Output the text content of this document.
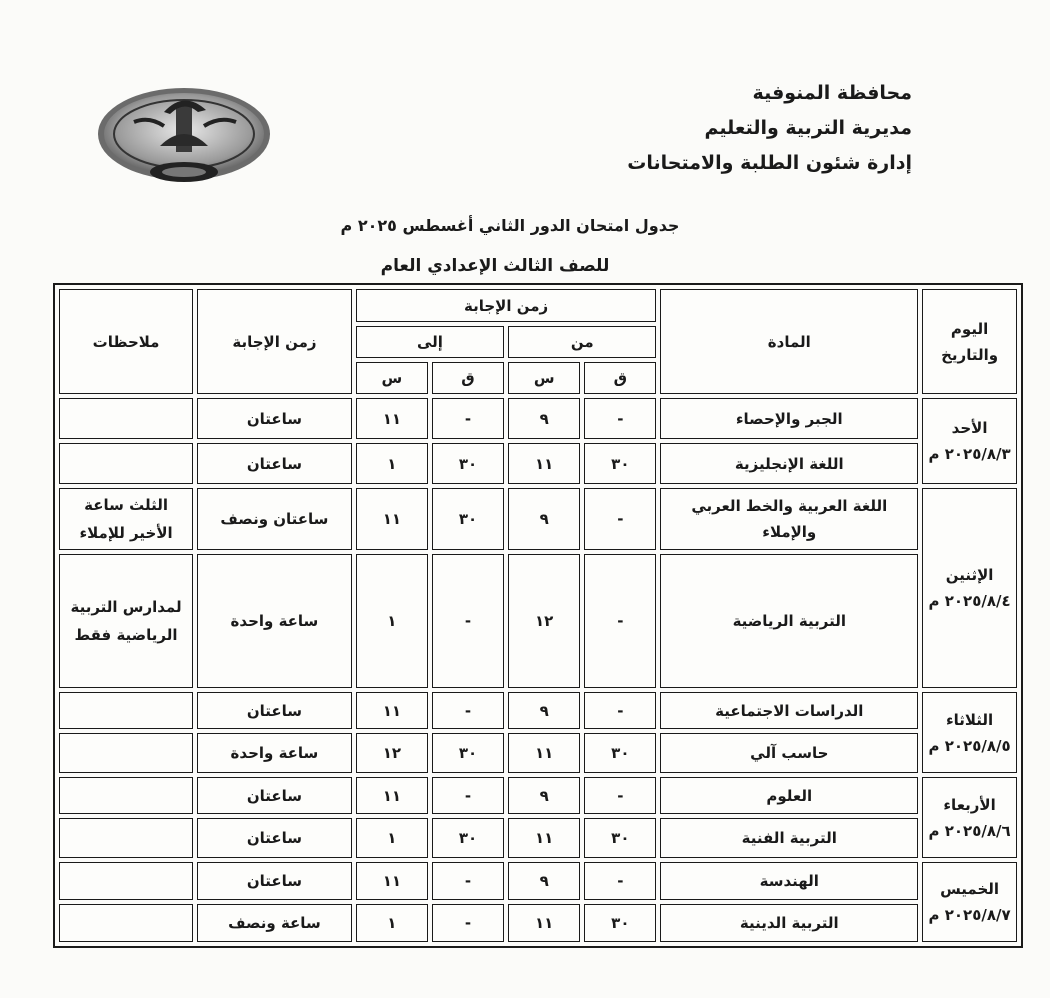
محافظة المنوفية
مديرية التربية والتعليم
إدارة شئون الطلبة والامتحانات
جدول امتحان الدور الثاني أغسطس ٢٠٢٥ م
للصف الثالث الإعدادي العام
اليوم
والتاريخ	المادة	زمن الإجابة				زمن الإجابة	ملاحظات
		من		إلى			
		ق	س	ق	س		

الأحد
٢٠٢٥/٨/٣ م	الجبر والإحصاء	-	٩	-	١١	ساعتان	
	اللغة الإنجليزية	٣٠	١١	٣٠	١	ساعتان	

الإثنين
٢٠٢٥/٨/٤ م	اللغة العربية والخط العربي والإملاء	-	٩	٣٠	١١	ساعتان ونصف	الثلث ساعة الأخير للإملاء
	التربية الرياضية	-	١٢	-	١	ساعة واحدة	لمدارس التربية الرياضية فقط

الثلاثاء
٢٠٢٥/٨/٥ م	الدراسات الاجتماعية	-	٩	-	١١	ساعتان	
	حاسب آلي	٣٠	١١	٣٠	١٢	ساعة واحدة	

الأربعاء
٢٠٢٥/٨/٦ م	العلوم	-	٩	-	١١	ساعتان	
	التربية الفنية	٣٠	١١	٣٠	١	ساعتان	

الخميس
٢٠٢٥/٨/٧ م	الهندسة	-	٩	-	١١	ساعتان	
	التربية الدينية	٣٠	١١	-	١	ساعة ونصف	
